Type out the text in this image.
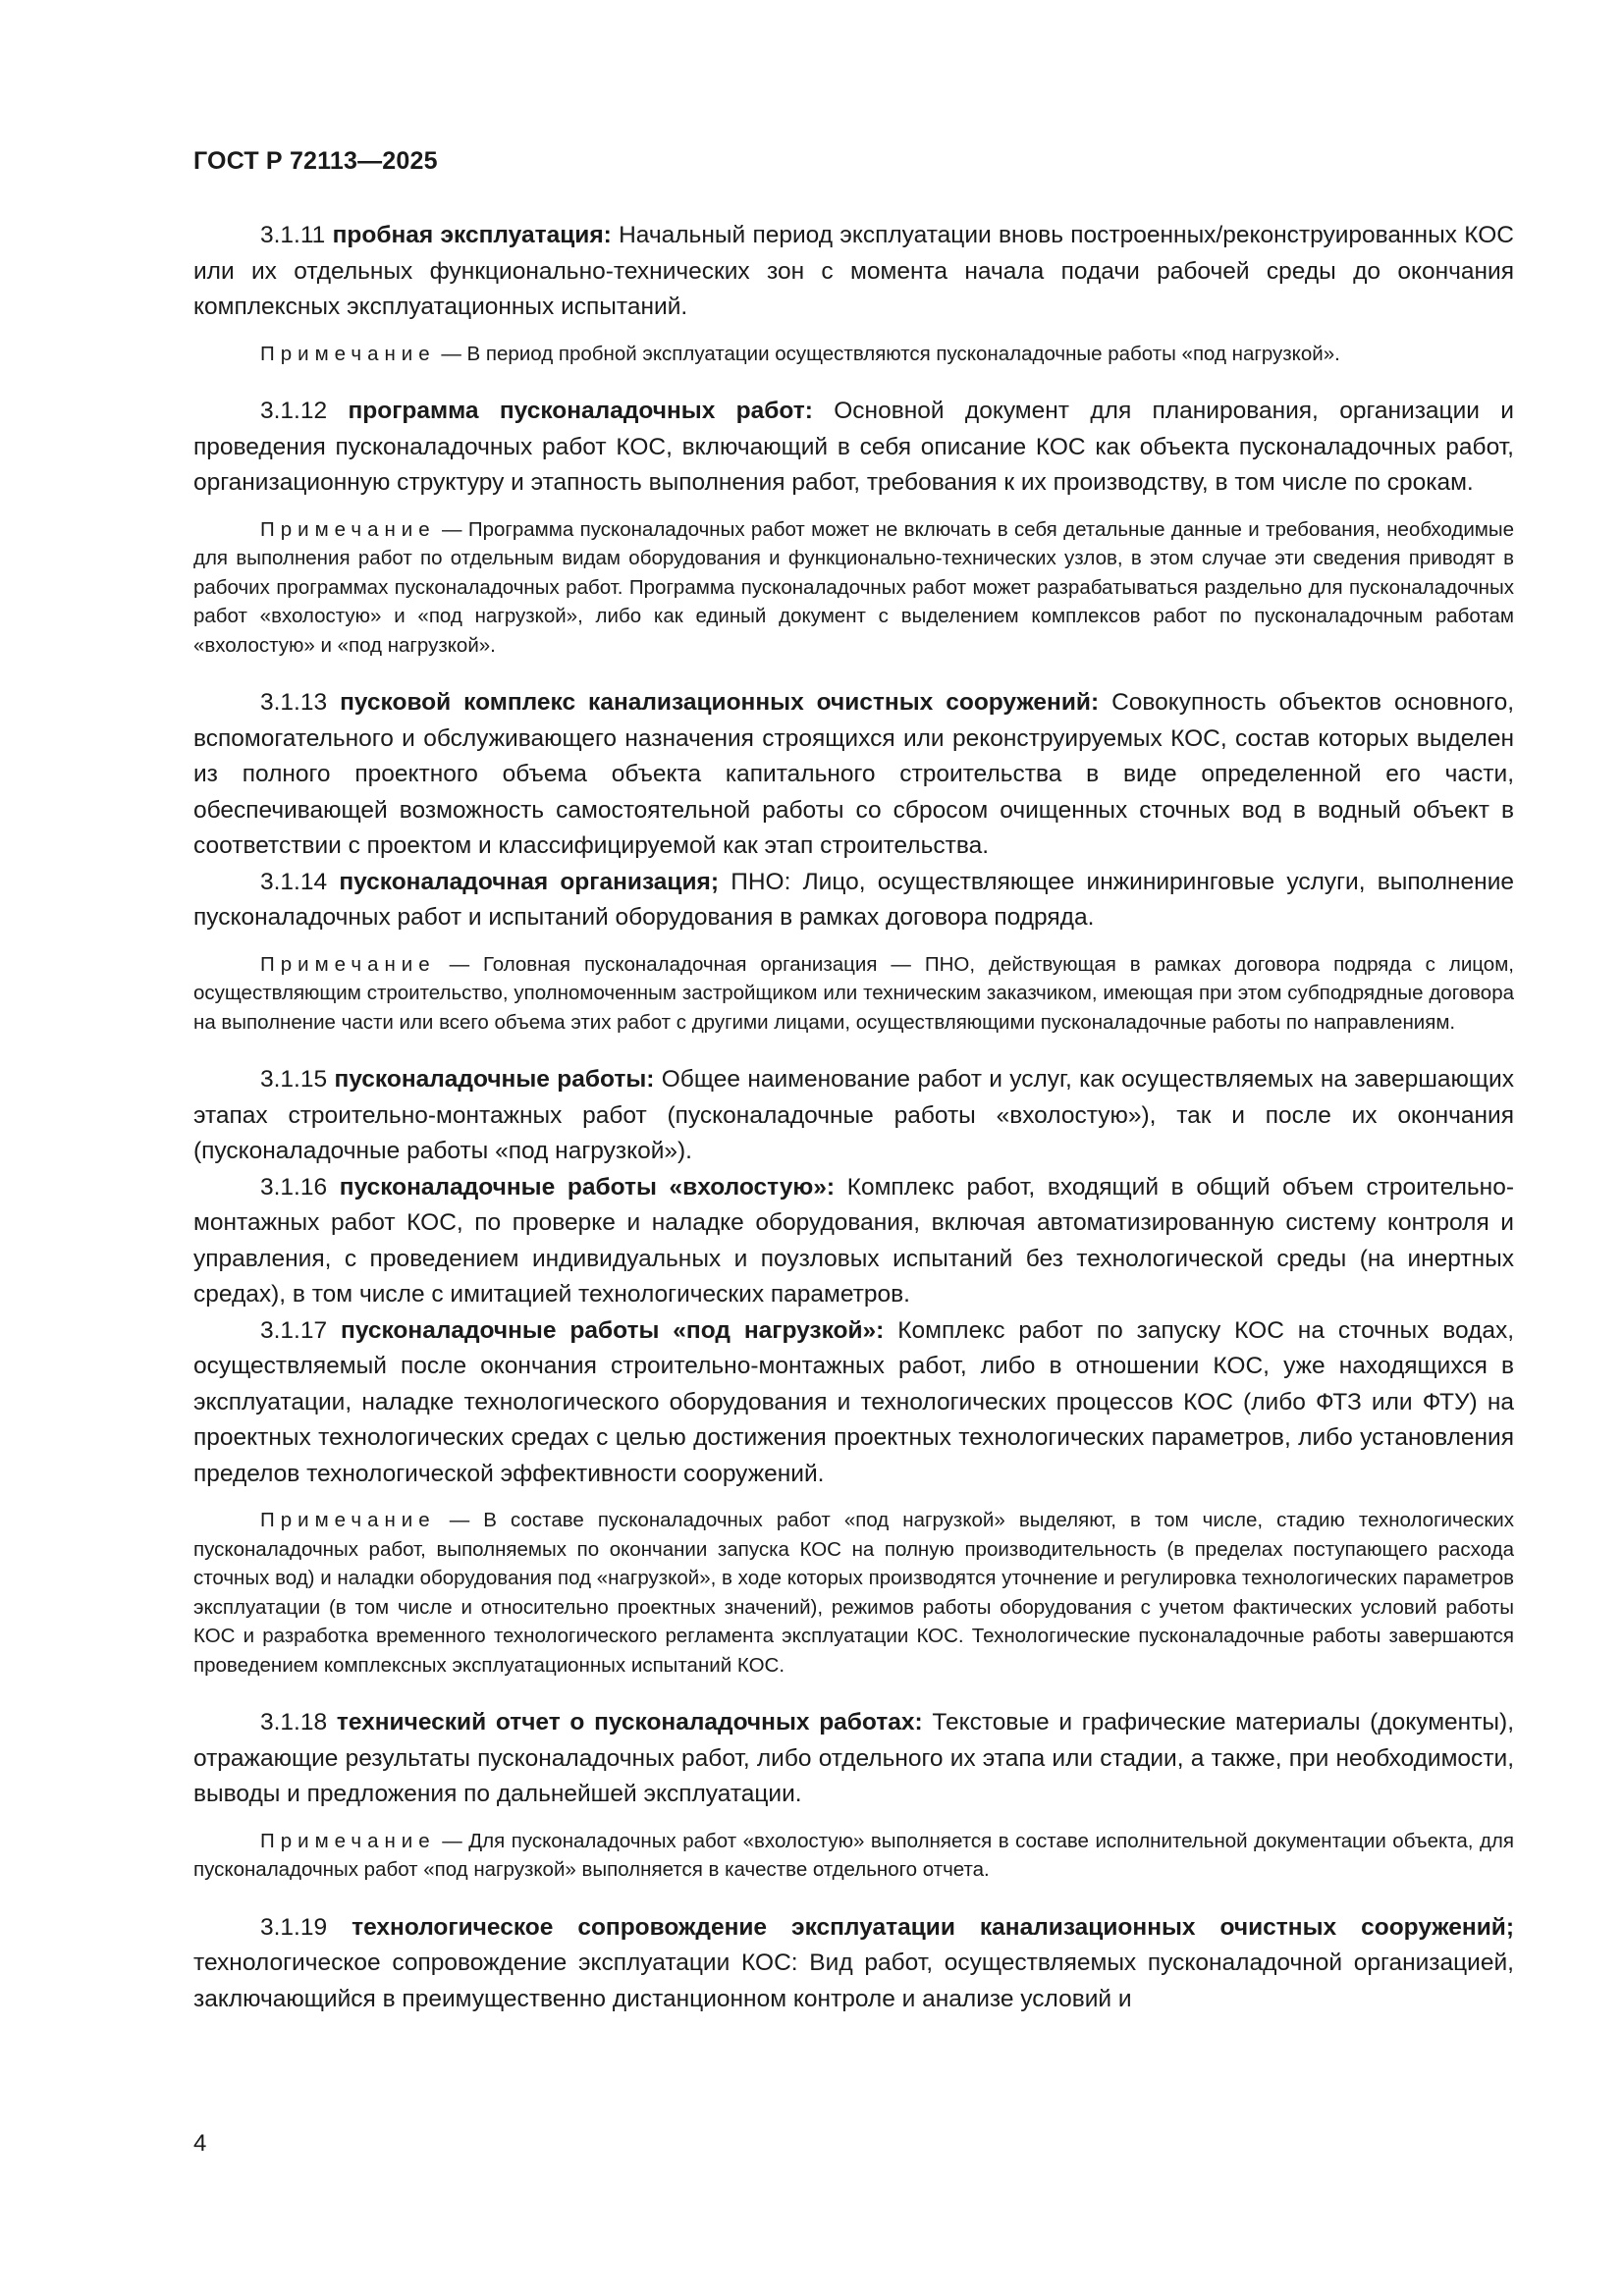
ГОСТ Р 72113—2025

3.1.11 пробная эксплуатация: Начальный период эксплуатации вновь построенных/реконструированных КОС или их отдельных функционально-технических зон с момента начала подачи рабочей среды до окончания комплексных эксплуатационных испытаний.

Примечание — В период пробной эксплуатации осуществляются пусконаладочные работы «под нагрузкой».

3.1.12 программа пусконаладочных работ: Основной документ для планирования, организации и проведения пусконаладочных работ КОС, включающий в себя описание КОС как объекта пусконаладочных работ, организационную структуру и этапность выполнения работ, требования к их производству, в том числе по срокам.

Примечание — Программа пусконаладочных работ может не включать в себя детальные данные и требования, необходимые для выполнения работ по отдельным видам оборудования и функционально-технических узлов, в этом случае эти сведения приводят в рабочих программах пусконаладочных работ. Программа пусконаладочных работ может разрабатываться раздельно для пусконаладочных работ «вхолостую» и «под нагрузкой», либо как единый документ с выделением комплексов работ по пусконаладочным работам «вхолостую» и «под нагрузкой».

3.1.13 пусковой комплекс канализационных очистных сооружений: Совокупность объектов основного, вспомогательного и обслуживающего назначения строящихся или реконструируемых КОС, состав которых выделен из полного проектного объема объекта капитального строительства в виде определенной его части, обеспечивающей возможность самостоятельной работы со сбросом очищенных сточных вод в водный объект в соответствии с проектом и классифицируемой как этап строительства.

3.1.14 пусконаладочная организация; ПНО: Лицо, осуществляющее инжиниринговые услуги, выполнение пусконаладочных работ и испытаний оборудования в рамках договора подряда.

Примечание — Головная пусконаладочная организация — ПНО, действующая в рамках договора подряда с лицом, осуществляющим строительство, уполномоченным застройщиком или техническим заказчиком, имеющая при этом субподрядные договора на выполнение части или всего объема этих работ с другими лицами, осуществляющими пусконаладочные работы по направлениям.

3.1.15 пусконаладочные работы: Общее наименование работ и услуг, как осуществляемых на завершающих этапах строительно-монтажных работ (пусконаладочные работы «вхолостую»), так и после их окончания (пусконаладочные работы «под нагрузкой»).

3.1.16 пусконаладочные работы «вхолостую»: Комплекс работ, входящий в общий объем строительно-монтажных работ КОС, по проверке и наладке оборудования, включая автоматизированную систему контроля и управления, с проведением индивидуальных и поузловых испытаний без технологической среды (на инертных средах), в том числе с имитацией технологических параметров.

3.1.17 пусконаладочные работы «под нагрузкой»: Комплекс работ по запуску КОС на сточных водах, осуществляемый после окончания строительно-монтажных работ, либо в отношении КОС, уже находящихся в эксплуатации, наладке технологического оборудования и технологических процессов КОС (либо ФТЗ или ФТУ) на проектных технологических средах с целью достижения проектных технологических параметров, либо установления пределов технологической эффективности сооружений.

Примечание — В составе пусконаладочных работ «под нагрузкой» выделяют, в том числе, стадию технологических пусконаладочных работ, выполняемых по окончании запуска КОС на полную производительность (в пределах поступающего расхода сточных вод) и наладки оборудования под «нагрузкой», в ходе которых производятся уточнение и регулировка технологических параметров эксплуатации (в том числе и относительно проектных значений), режимов работы оборудования с учетом фактических условий работы КОС и разработка временного технологического регламента эксплуатации КОС. Технологические пусконаладочные работы завершаются проведением комплексных эксплуатационных испытаний КОС.

3.1.18 технический отчет о пусконаладочных работах: Текстовые и графические материалы (документы), отражающие результаты пусконаладочных работ, либо отдельного их этапа или стадии, а также, при необходимости, выводы и предложения по дальнейшей эксплуатации.

Примечание — Для пусконаладочных работ «вхолостую» выполняется в составе исполнительной документации объекта, для пусконаладочных работ «под нагрузкой» выполняется в качестве отдельного отчета.

3.1.19 технологическое сопровождение эксплуатации канализационных очистных сооружений; технологическое сопровождение эксплуатации КОС: Вид работ, осуществляемых пусконаладочной организацией, заключающийся в преимущественно дистанционном контроле и анализе условий и

4
